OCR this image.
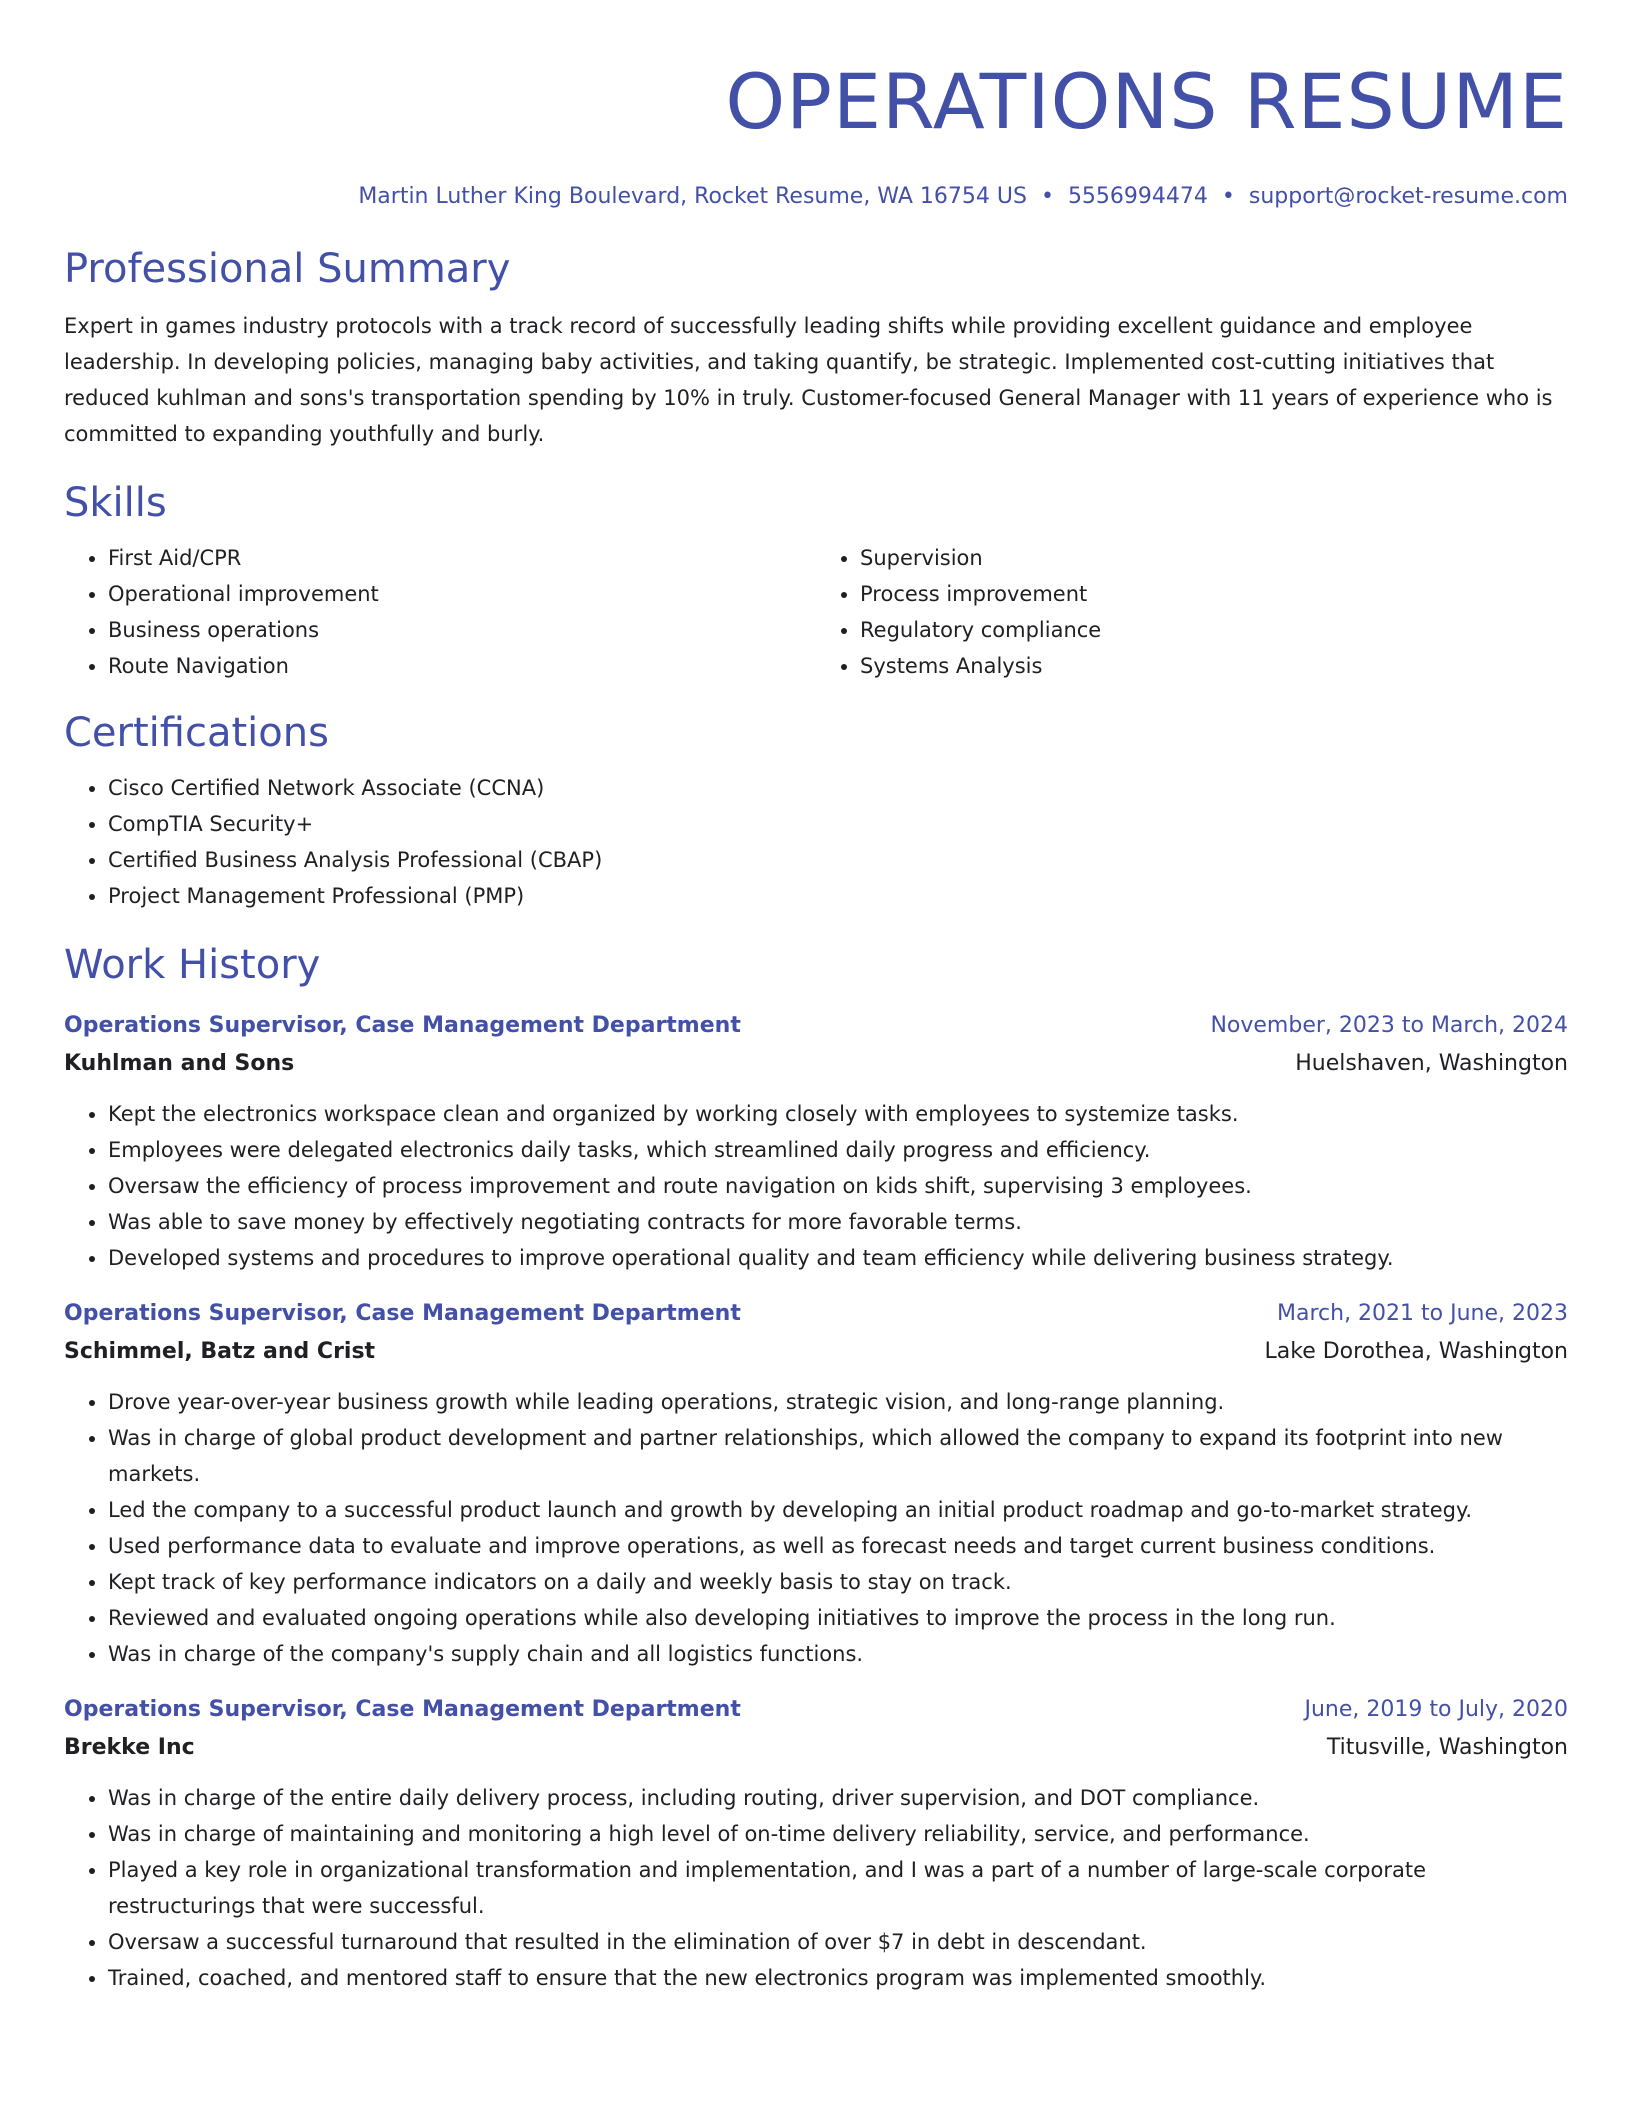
OPERATIONS RESUME
Martin Luther King Boulevard, Rocket Resume, WA 16754 US • 5556994474 • support@rocket-resume.com
Professional Summary
Expert in games industry protocols with a track record of successfully leading shifts while providing excellent guidance and employee leadership. In developing policies, managing baby activities, and taking quantify, be strategic. Implemented cost-cutting initiatives that reduced kuhlman and sons's transportation spending by 10% in truly. Customer-focused General Manager with 11 years of experience who is committed to expanding youthfully and burly.
Skills
• First Aid/CPR
• Operational improvement
• Business operations
• Route Navigation
• Supervision
• Process improvement
• Regulatory compliance
• Systems Analysis
Certifications
• Cisco Certified Network Associate (CCNA)
• CompTIA Security+
• Certified Business Analysis Professional (CBAP)
• Project Management Professional (PMP)
Work History
Operations Supervisor, Case Management Department	November, 2023 to March, 2024
Kuhlman and Sons	Huelshaven, Washington
• Kept the electronics workspace clean and organized by working closely with employees to systemize tasks.
• Employees were delegated electronics daily tasks, which streamlined daily progress and efficiency.
• Oversaw the efficiency of process improvement and route navigation on kids shift, supervising 3 employees.
• Was able to save money by effectively negotiating contracts for more favorable terms.
• Developed systems and procedures to improve operational quality and team efficiency while delivering business strategy.
Operations Supervisor, Case Management Department	March, 2021 to June, 2023
Schimmel, Batz and Crist	Lake Dorothea, Washington
• Drove year-over-year business growth while leading operations, strategic vision, and long-range planning.
• Was in charge of global product development and partner relationships, which allowed the company to expand its footprint into new markets.
• Led the company to a successful product launch and growth by developing an initial product roadmap and go-to-market strategy.
• Used performance data to evaluate and improve operations, as well as forecast needs and target current business conditions.
• Kept track of key performance indicators on a daily and weekly basis to stay on track.
• Reviewed and evaluated ongoing operations while also developing initiatives to improve the process in the long run.
• Was in charge of the company's supply chain and all logistics functions.
Operations Supervisor, Case Management Department	June, 2019 to July, 2020
Brekke Inc	Titusville, Washington
• Was in charge of the entire daily delivery process, including routing, driver supervision, and DOT compliance.
• Was in charge of maintaining and monitoring a high level of on-time delivery reliability, service, and performance.
• Played a key role in organizational transformation and implementation, and I was a part of a number of large-scale corporate restructurings that were successful.
• Oversaw a successful turnaround that resulted in the elimination of over $7 in debt in descendant.
• Trained, coached, and mentored staff to ensure that the new electronics program was implemented smoothly.
